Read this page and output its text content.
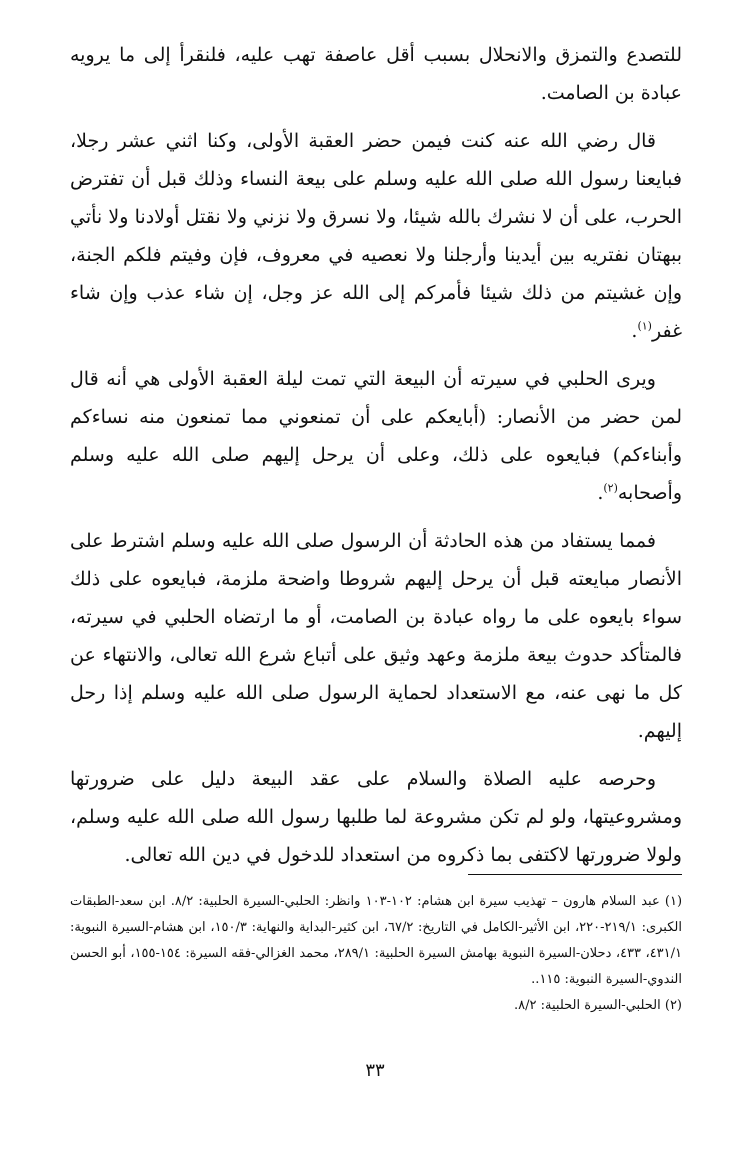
للتصدع والتمزق والانحلال بسبب أقل عاصفة تهب عليه، فلنقرأ إلى ما يرويه عبادة بن الصامت.

قال رضي الله عنه كنت فيمن حضر العقبة الأولى، وكنا اثني عشر رجلا، فبايعنا رسول الله صلى الله عليه وسلم على بيعة النساء وذلك قبل أن تفترض الحرب، على أن لا نشرك بالله شيئا، ولا نسرق ولا نزني ولا نقتل أولادنا ولا نأتي ببهتان نفتريه بين أيدينا وأرجلنا ولا نعصيه في معروف، فإن وفيتم فلكم الجنة، وإن غشيتم من ذلك شيئا فأمركم إلى الله عز وجل، إن شاء عذب وإن شاء غفر$^{(١)}$.

ويرى الحلبي في سيرته أن البيعة التي تمت ليلة العقبة الأولى هي أنه قال لمن حضر من الأنصار: (أبايعكم على أن تمنعوني مما تمنعون منه نساءكم وأبناءكم) فبايعوه على ذلك، وعلى أن يرحل إليهم صلى الله عليه وسلم وأصحابه$^{(٢)}$.

فمما يستفاد من هذه الحادثة أن الرسول صلى الله عليه وسلم اشترط على الأنصار مبايعته قبل أن يرحل إليهم شروطا واضحة ملزمة، فبايعوه على ذلك سواء بايعوه على ما رواه عبادة بن الصامت، أو ما ارتضاه الحلبي في سيرته، فالمتأكد حدوث بيعة ملزمة وعهد وثيق على أتباع شرع الله تعالى، والانتهاء عن كل ما نهى عنه، مع الاستعداد لحماية الرسول صلى الله عليه وسلم إذا رحل إليهم.

وحرصه عليه الصلاة والسلام على عقد البيعة دليل على ضرورتها ومشروعيتها، ولو لم تكن مشروعة لما طلبها رسول الله صلى الله عليه وسلم، ولولا ضرورتها لاكتفى بما ذكروه من استعداد للدخول في دين الله تعالى.

(١) عبد السلام هارون – تهذيب سيرة ابن هشام: ١٠٢-١٠٣ وانظر: الحلبي-السيرة الحلبية: ٨/٢. ابن سعد-الطبقات الكبرى: ٢١٩/١-٢٢٠، ابن الأثير-الكامل في التاريخ: ٦٧/٢، ابن كثير-البداية والنهاية: ١٥٠/٣، ابن هشام-السيرة النبوية: ٤٣١/١، ٤٣٣، دحلان-السيرة النبوية بهامش السيرة الحلبية: ٢٨٩/١، محمد الغزالي-فقه السيرة: ١٥٤-١٥٥، أبو الحسن الندوي-السيرة النبوية: ١١٥..

(٢) الحلبي-السيرة الحلبية: ٨/٢.

٣٣
